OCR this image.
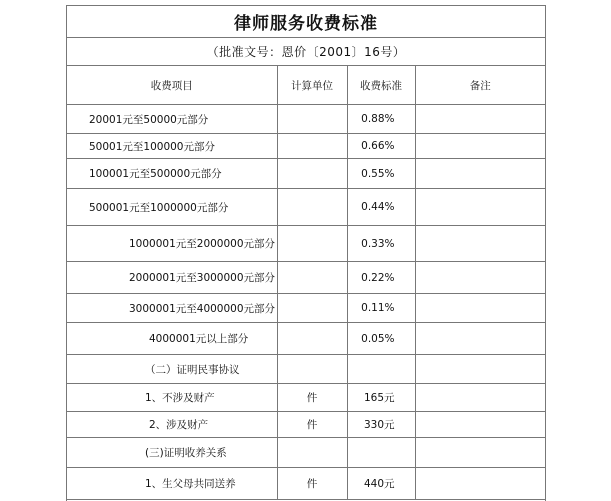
律师服务收费标准
（批准文号：恩价〔2001〕16号）
收费项目	计算单位	收费标准	备注
20001元至50000元部分		0.88%	
50001元至100000元部分		0.66%	
100001元至500000元部分		0.55%	
500001元至1000000元部分		0.44%	
1000001元至2000000元部分		0.33%	
2000001元至3000000元部分		0.22%	
3000001元至4000000元部分		0.11%	
4000001元以上部分		0.05%	
（二）证明民事协议			
1、不涉及财产	件	165元	
2、涉及财产	件	330元	
(三)证明收养关系			
1、生父母共同送养	件	440元	
